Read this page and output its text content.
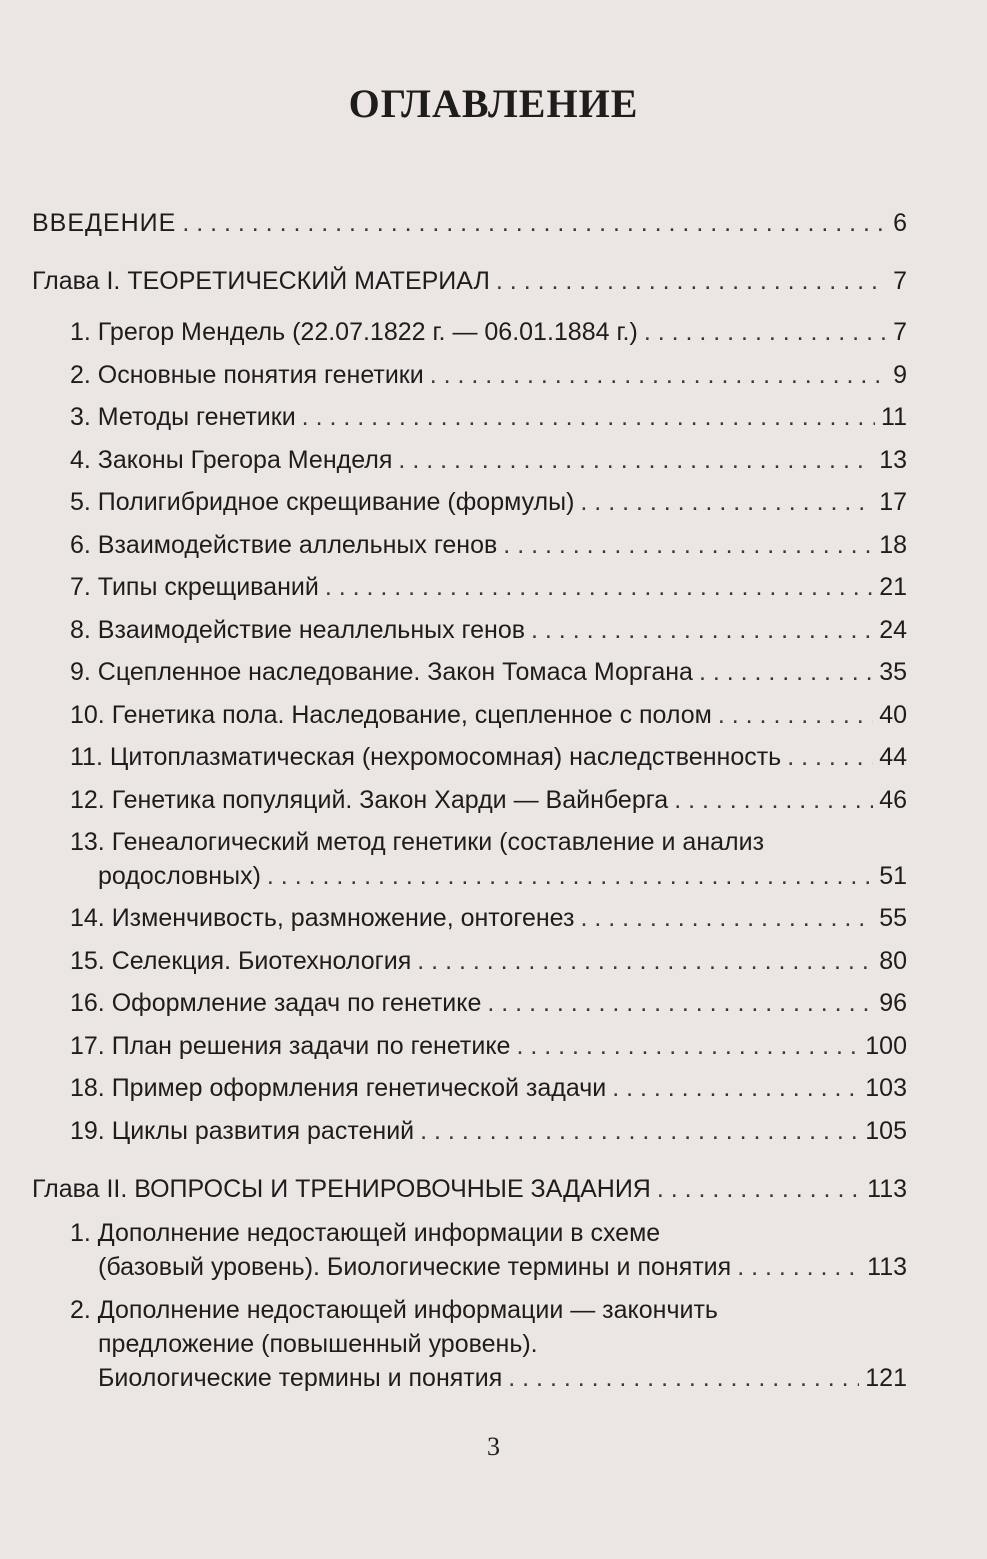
ОГЛАВЛЕНИЕ
ВВЕДЕНИЕ . . .	6
Глава I. ТЕОРЕТИЧЕСКИЙ МАТЕРИАЛ . . .	7
1. Грегор Мендель (22.07.1822 г. — 06.01.1884 г.) . . .	7
2. Основные понятия генетики . . .	9
3. Методы генетики . . .	11
4. Законы Грегора Менделя . . .	13
5. Полигибридное скрещивание (формулы) . . .	17
6. Взаимодействие аллельных генов . . .	18
7. Типы скрещиваний . . .	21
8. Взаимодействие неаллельных генов . . .	24
9. Сцепленное наследование. Закон Томаса Моргана . . .	35
10. Генетика пола. Наследование, сцепленное с полом . . .	40
11. Цитоплазматическая (нехромосомная) наследственность . . .	44
12. Генетика популяций. Закон Харди — Вайнберга . . .	46
13. Генеалогический метод генетики (составление и анализ
родословных) . . .	51
14. Изменчивость, размножение, онтогенез . . .	55
15. Селекция. Биотехнология . . .	80
16. Оформление задач по генетике . . .	96
17. План решения задачи по генетике . . .	100
18. Пример оформления генетической задачи . . .	103
19. Циклы развития растений . . .	105
Глава II. ВОПРОСЫ И ТРЕНИРОВОЧНЫЕ ЗАДАНИЯ . . .	113
1. Дополнение недостающей информации в схеме
(базовый уровень). Биологические термины и понятия . . .	113
2. Дополнение недостающей информации — закончить
предложение (повышенный уровень).
Биологические термины и понятия . . .	121
3
